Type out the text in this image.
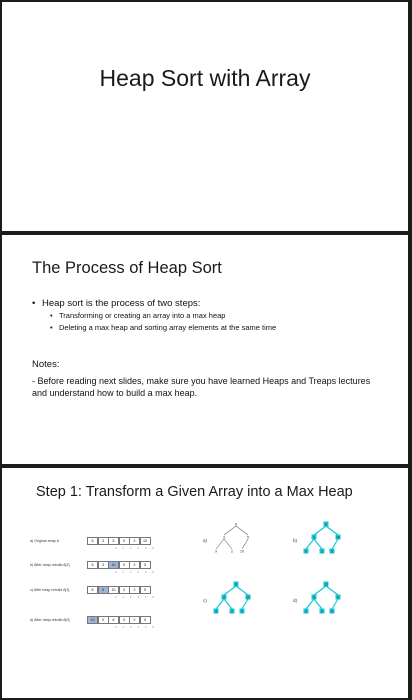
Heap Sort with Array
The Process of Heap Sort
• Heap sort is the process of two steps:
• Transforming or creating an array into a max heap
• Deleting a max heap and sorting array elements at the same time
Notes:
- Before reading next slides, make sure you have learned Heaps and Treaps lectures and understand how to build a max heap.
Step 1: Transform a Given Array into a Max Heap
a) Original array A	6	3	5	9	2	10
012345
b) After heap rebuild A[2]	6	3	10	9	2	5
012345
c) After heap rebuild A[1]	6	9	10	3	2	5
012345
d) After heap rebuild A[0]	10	9	6	3	2	5
012345
a)
6
3	5
9	2 10
b)
6
3	10
9	2 5
c)
6
9	10
3	2 5
d)
10
9	6
3	2 5
